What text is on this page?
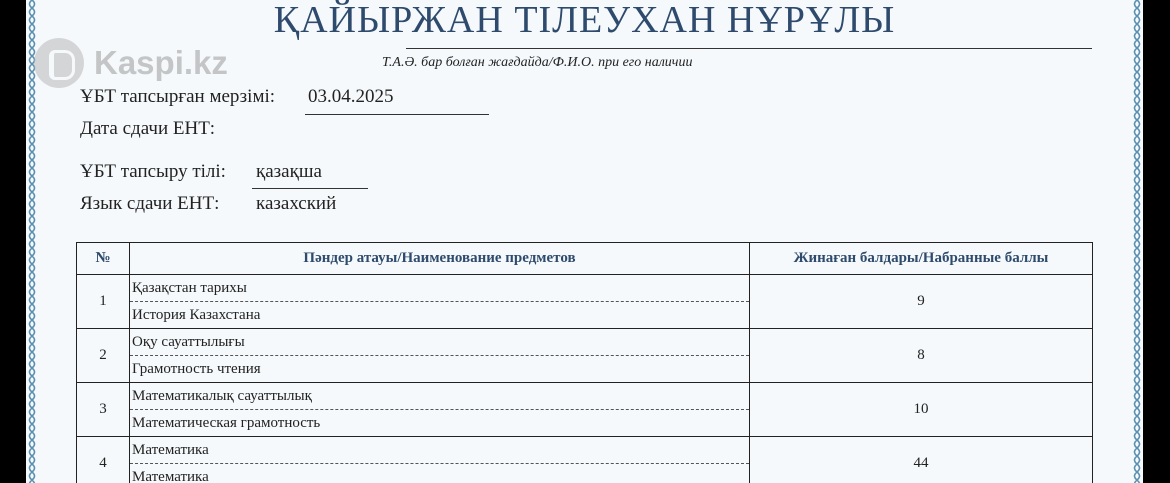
ҚАЙЫРЖАН ТІЛЕУХАН НҰРҰЛЫ
Т.А.Ә. бар болған жағдайда/Ф.И.О. при его наличии
Kaspi.kz
ҰБТ тапсырған мерзімі: 03.04.2025
Дата сдачи ЕНТ:
ҰБТ тапсыру тілі: қазақша
Язык сдачи ЕНТ: казахский
№	Пәндер атауы/Наименование предметов	Жинаған балдары/Набранные баллы
1	Қазақстан тарихы
История Казахстана	9
2	Оқу сауаттылығы
Грамотность чтения	8
3	Математикалық сауаттылық
Математическая грамотность	10
4	Математика
Математика	44
